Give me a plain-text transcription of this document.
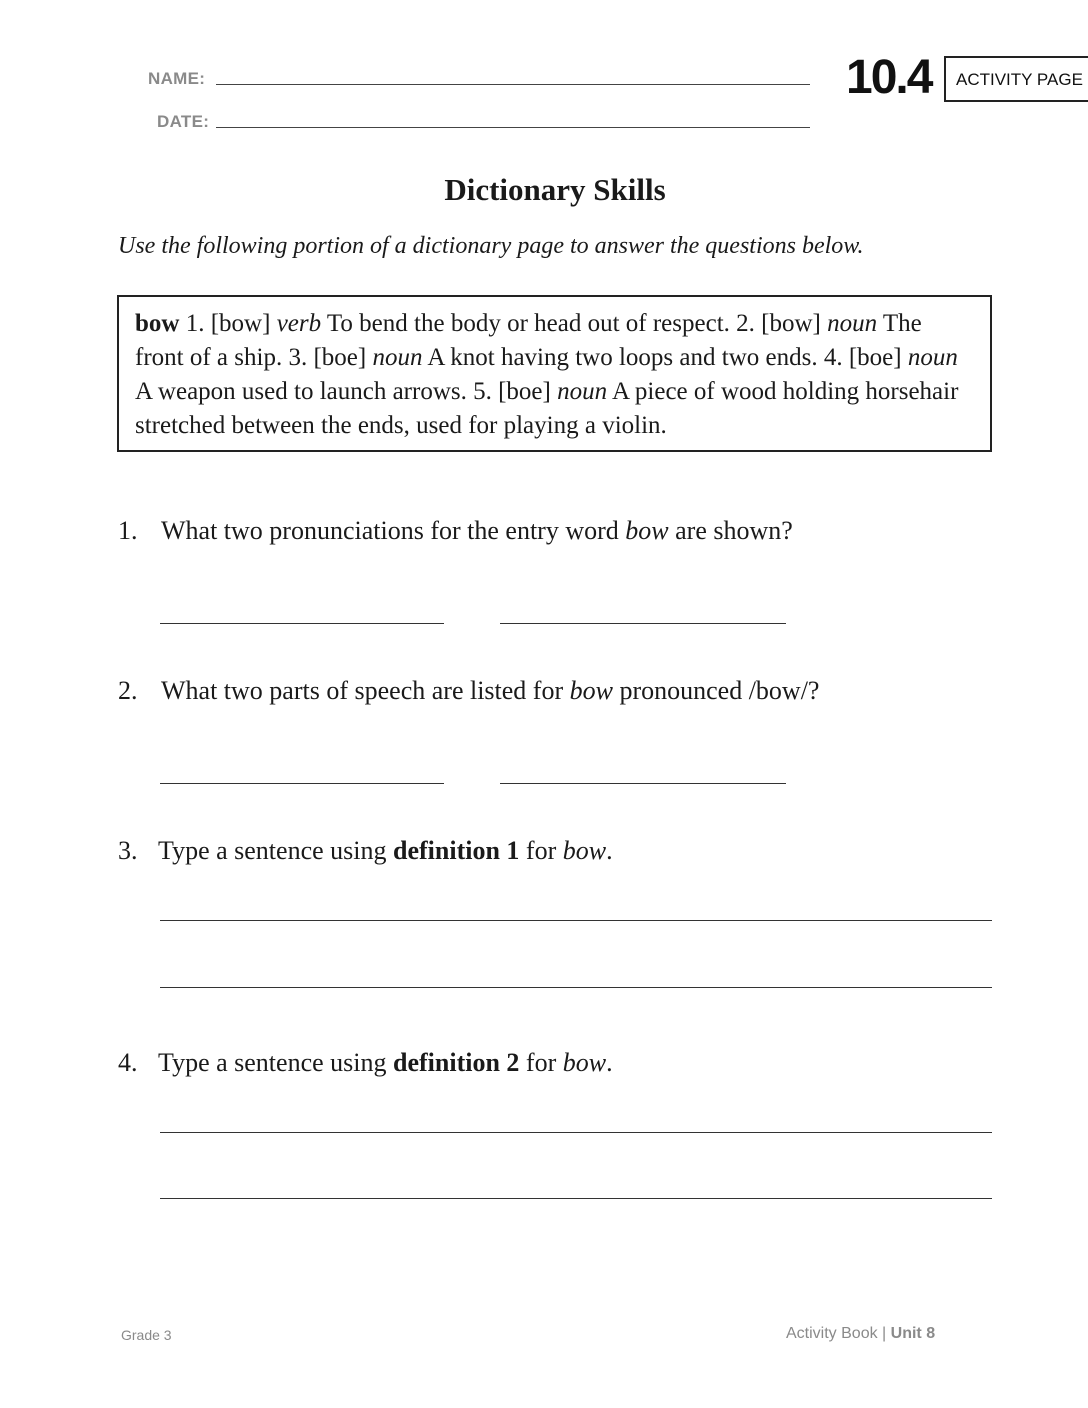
NAME:
DATE:
10.4	ACTIVITY PAGE
Dictionary Skills
Use the following portion of a dictionary page to answer the questions below.
bow 1. [bow] verb To bend the body or head out of respect. 2. [bow] noun The front of a ship. 3. [boe] noun A knot having two loops and two ends. 4. [boe] noun A weapon used to launch arrows. 5. [boe] noun A piece of wood holding horsehair stretched between the ends, used for playing a violin.
1. What two pronunciations for the entry word bow are shown?
2. What two parts of speech are listed for bow pronounced /bow/?
3. Type a sentence using definition 1 for bow.
4. Type a sentence using definition 2 for bow.
Grade 3	Activity Book | Unit 8
